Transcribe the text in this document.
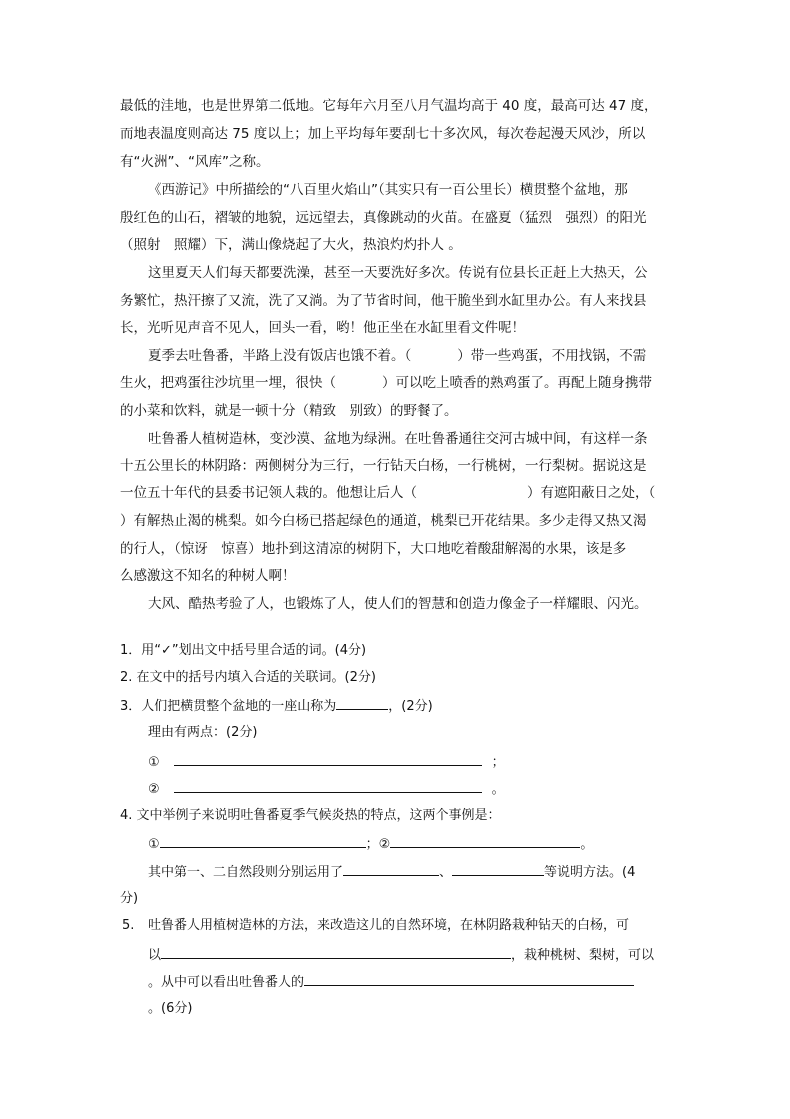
最低的洼地，也是世界第二低地。它每年六月至八月气温均高于 40 度，最高可达 47 度，
而地表温度则高达 75 度以上；加上平均每年要刮七十多次风，每次卷起漫天风沙，所以
有“火洲”、“风库”之称。
《西游记》中所描绘的“八百里火焰山”（其实只有一百公里长）横贯整个盆地，那
殷红色的山石，褶皱的地貌，远远望去，真像跳动的火苗。在盛夏（猛烈　强烈）的阳光
（照射　照耀）下，满山像烧起了大火，热浪灼灼扑人 。
这里夏天人们每天都要洗澡，甚至一天要洗好多次。传说有位县长正赶上大热天，公
务繁忙，热汗擦了又流，洗了又淌。为了节省时间，他干脆坐到水缸里办公。有人来找县
长，光听见声音不见人，回头一看，哟！他正坐在水缸里看文件呢！
夏季去吐鲁番，半路上没有饭店也饿不着。（	）带一些鸡蛋，不用找锅，不需
生火，把鸡蛋往沙坑里一埋，很快（	）可以吃上喷香的熟鸡蛋了。再配上随身携带
的小菜和饮料，就是一顿十分（精致　别致）的野餐了。
吐鲁番人植树造林，变沙漠、盆地为绿洲。在吐鲁番通往交河古城中间，有这样一条
十五公里长的林阴路：两侧树分为三行，一行钻天白杨，一行桃树，一行梨树。据说这是
一位五十年代的县委书记领人栽的。他想让后人（	）有遮阳蔽日之处，（
）有解热止渴的桃梨。如今白杨已搭起绿色的通道，桃梨已开花结果。多少走得又热又渴
的行人，（惊讶　惊喜）地扑到这清凉的树阴下，大口地吃着酸甜解渴的水果，该是多
么感激这不知名的种树人啊！
大风、酷热考验了人，也锻炼了人，使人们的智慧和创造力像金子一样耀眼、闪光。
1．用“✓”划出文中括号里合适的词。(4分)
2. 在文中的括号内填入合适的关联词。(2分)
3．人们把横贯整个盆地的一座山称为	，(2分)
理由有两点：(2分)
①	；
②	。
4. 文中举例子来说明吐鲁番夏季气候炎热的特点，这两个事例是：
①	；②	。
其中第一、二自然段则分别运用了	、	等说明方法。(4
分)
5.	吐鲁番人用植树造林的方法，来改造这儿的自然环境，在林阴路栽种钻天的白杨，可
以	，栽种桃树、梨树，可以
。从中可以看出吐鲁番人的
。(6分)
